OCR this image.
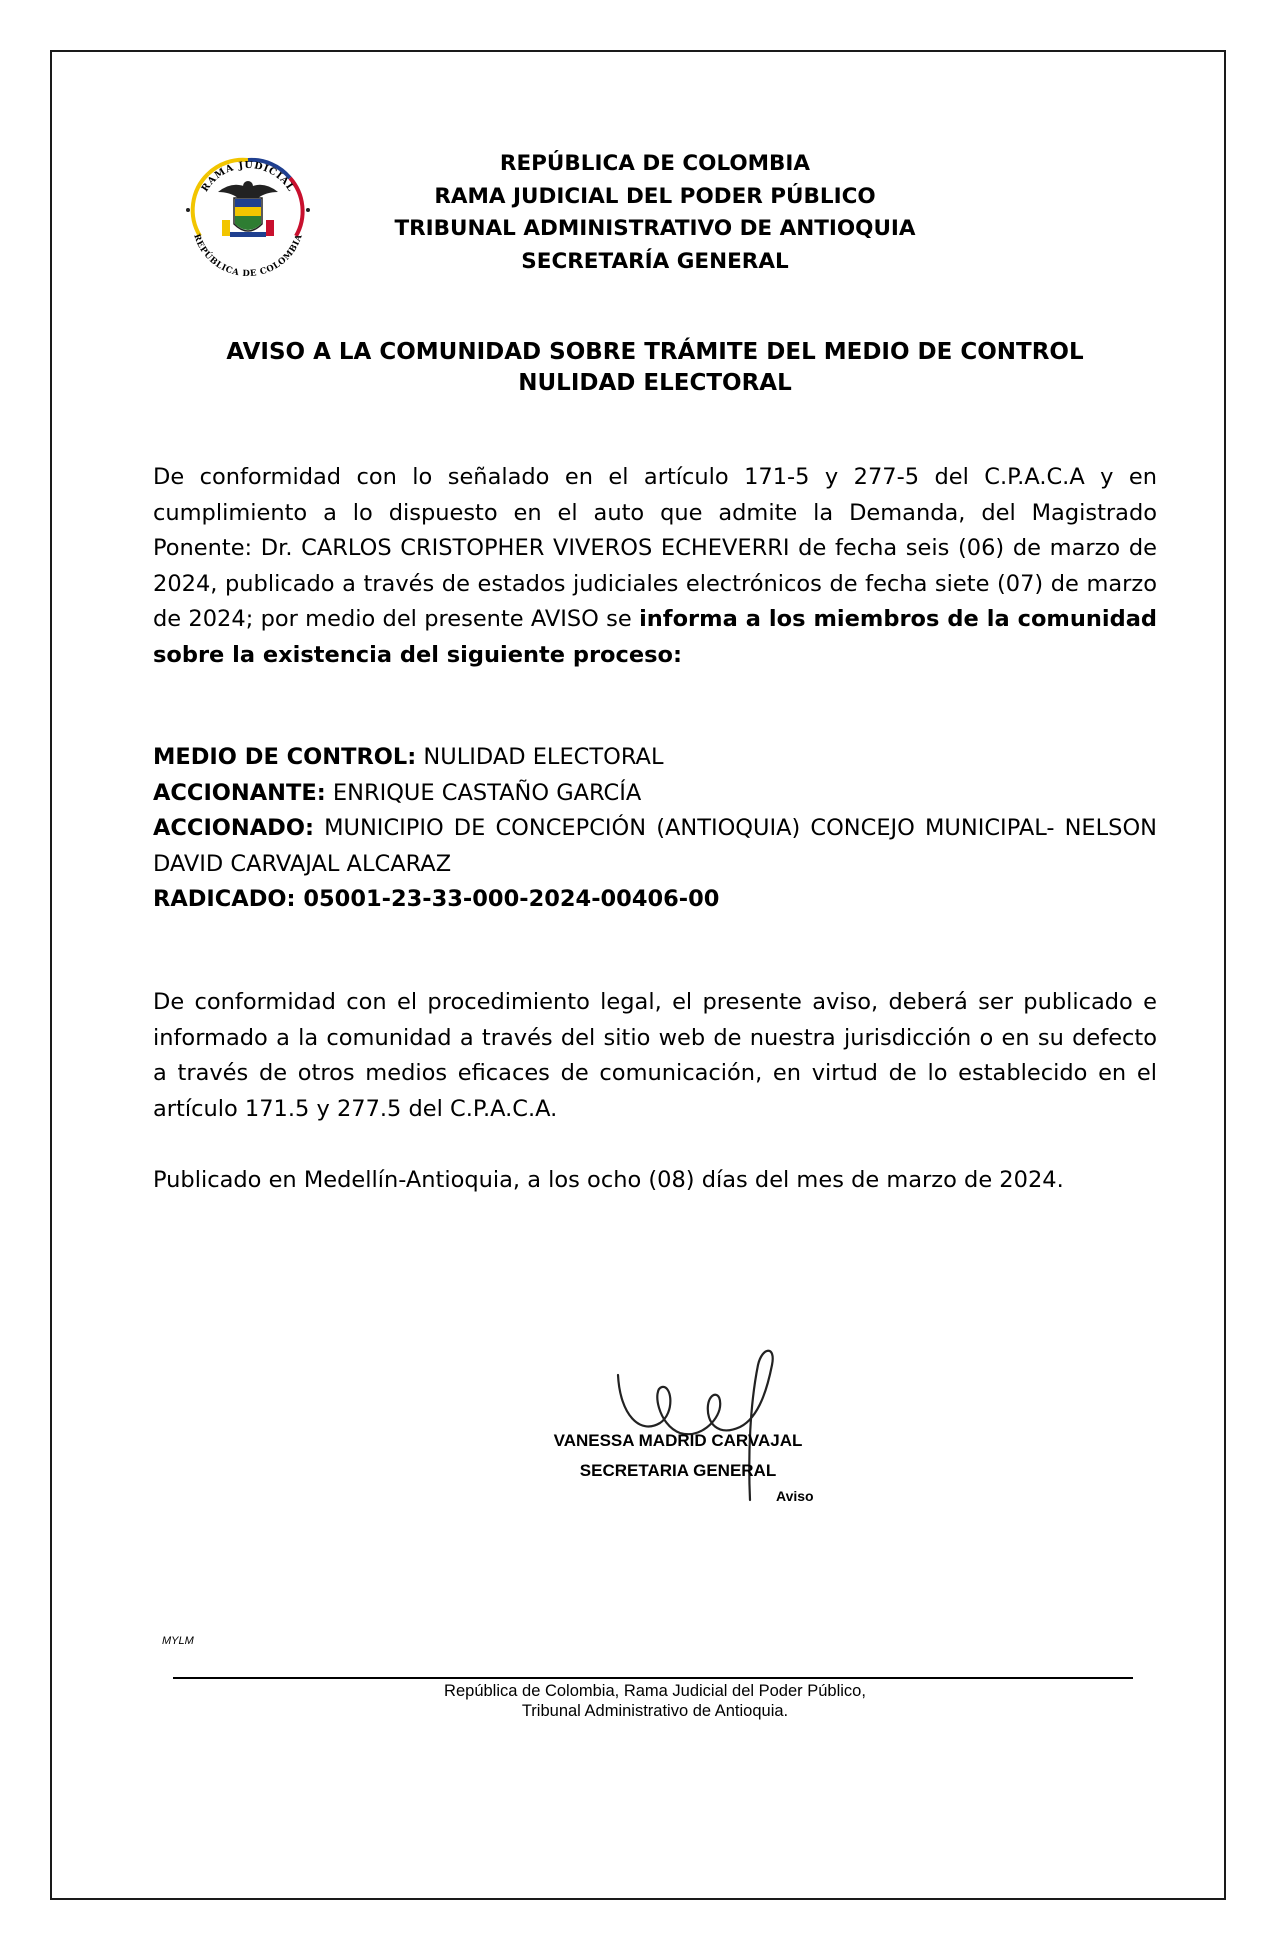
RAMA JUDICIAL
REPÚBLICA DE COLOMBIA
REPÚBLICA DE COLOMBIA
RAMA JUDICIAL DEL PODER PÚBLICO
TRIBUNAL ADMINISTRATIVO DE ANTIOQUIA
SECRETARÍA GENERAL
AVISO A LA COMUNIDAD SOBRE TRÁMITE DEL MEDIO DE CONTROL
NULIDAD ELECTORAL
De conformidad con lo señalado en el artículo 171-5 y 277-5 del C.P.A.C.A y en cumplimiento a lo dispuesto en el auto que admite la Demanda, del Magistrado Ponente: Dr. CARLOS CRISTOPHER VIVEROS ECHEVERRI de fecha seis (06) de marzo de 2024, publicado a través de estados judiciales electrónicos de fecha siete (07) de marzo de 2024; por medio del presente AVISO se informa a los miembros de la comunidad sobre la existencia del siguiente proceso:
MEDIO DE CONTROL: NULIDAD ELECTORAL
ACCIONANTE: ENRIQUE CASTAÑO GARCÍA
ACCIONADO: MUNICIPIO DE CONCEPCIÓN (ANTIOQUIA) CONCEJO MUNICIPAL- NELSON DAVID CARVAJAL ALCARAZ
RADICADO: 05001-23-33-000-2024-00406-00
De conformidad con el procedimiento legal, el presente aviso, deberá ser publicado e informado a la comunidad a través del sitio web de nuestra jurisdicción o en su defecto a través de otros medios eficaces de comunicación, en virtud de lo establecido en el artículo 171.5 y 277.5 del C.P.A.C.A.
Publicado en Medellín-Antioquia, a los ocho (08) días del mes de marzo de 2024.
VANESSA MADRID CARVAJAL
SECRETARIA GENERAL
Aviso
MYLM
República de Colombia, Rama Judicial del Poder Público,
Tribunal Administrativo de Antioquia.
